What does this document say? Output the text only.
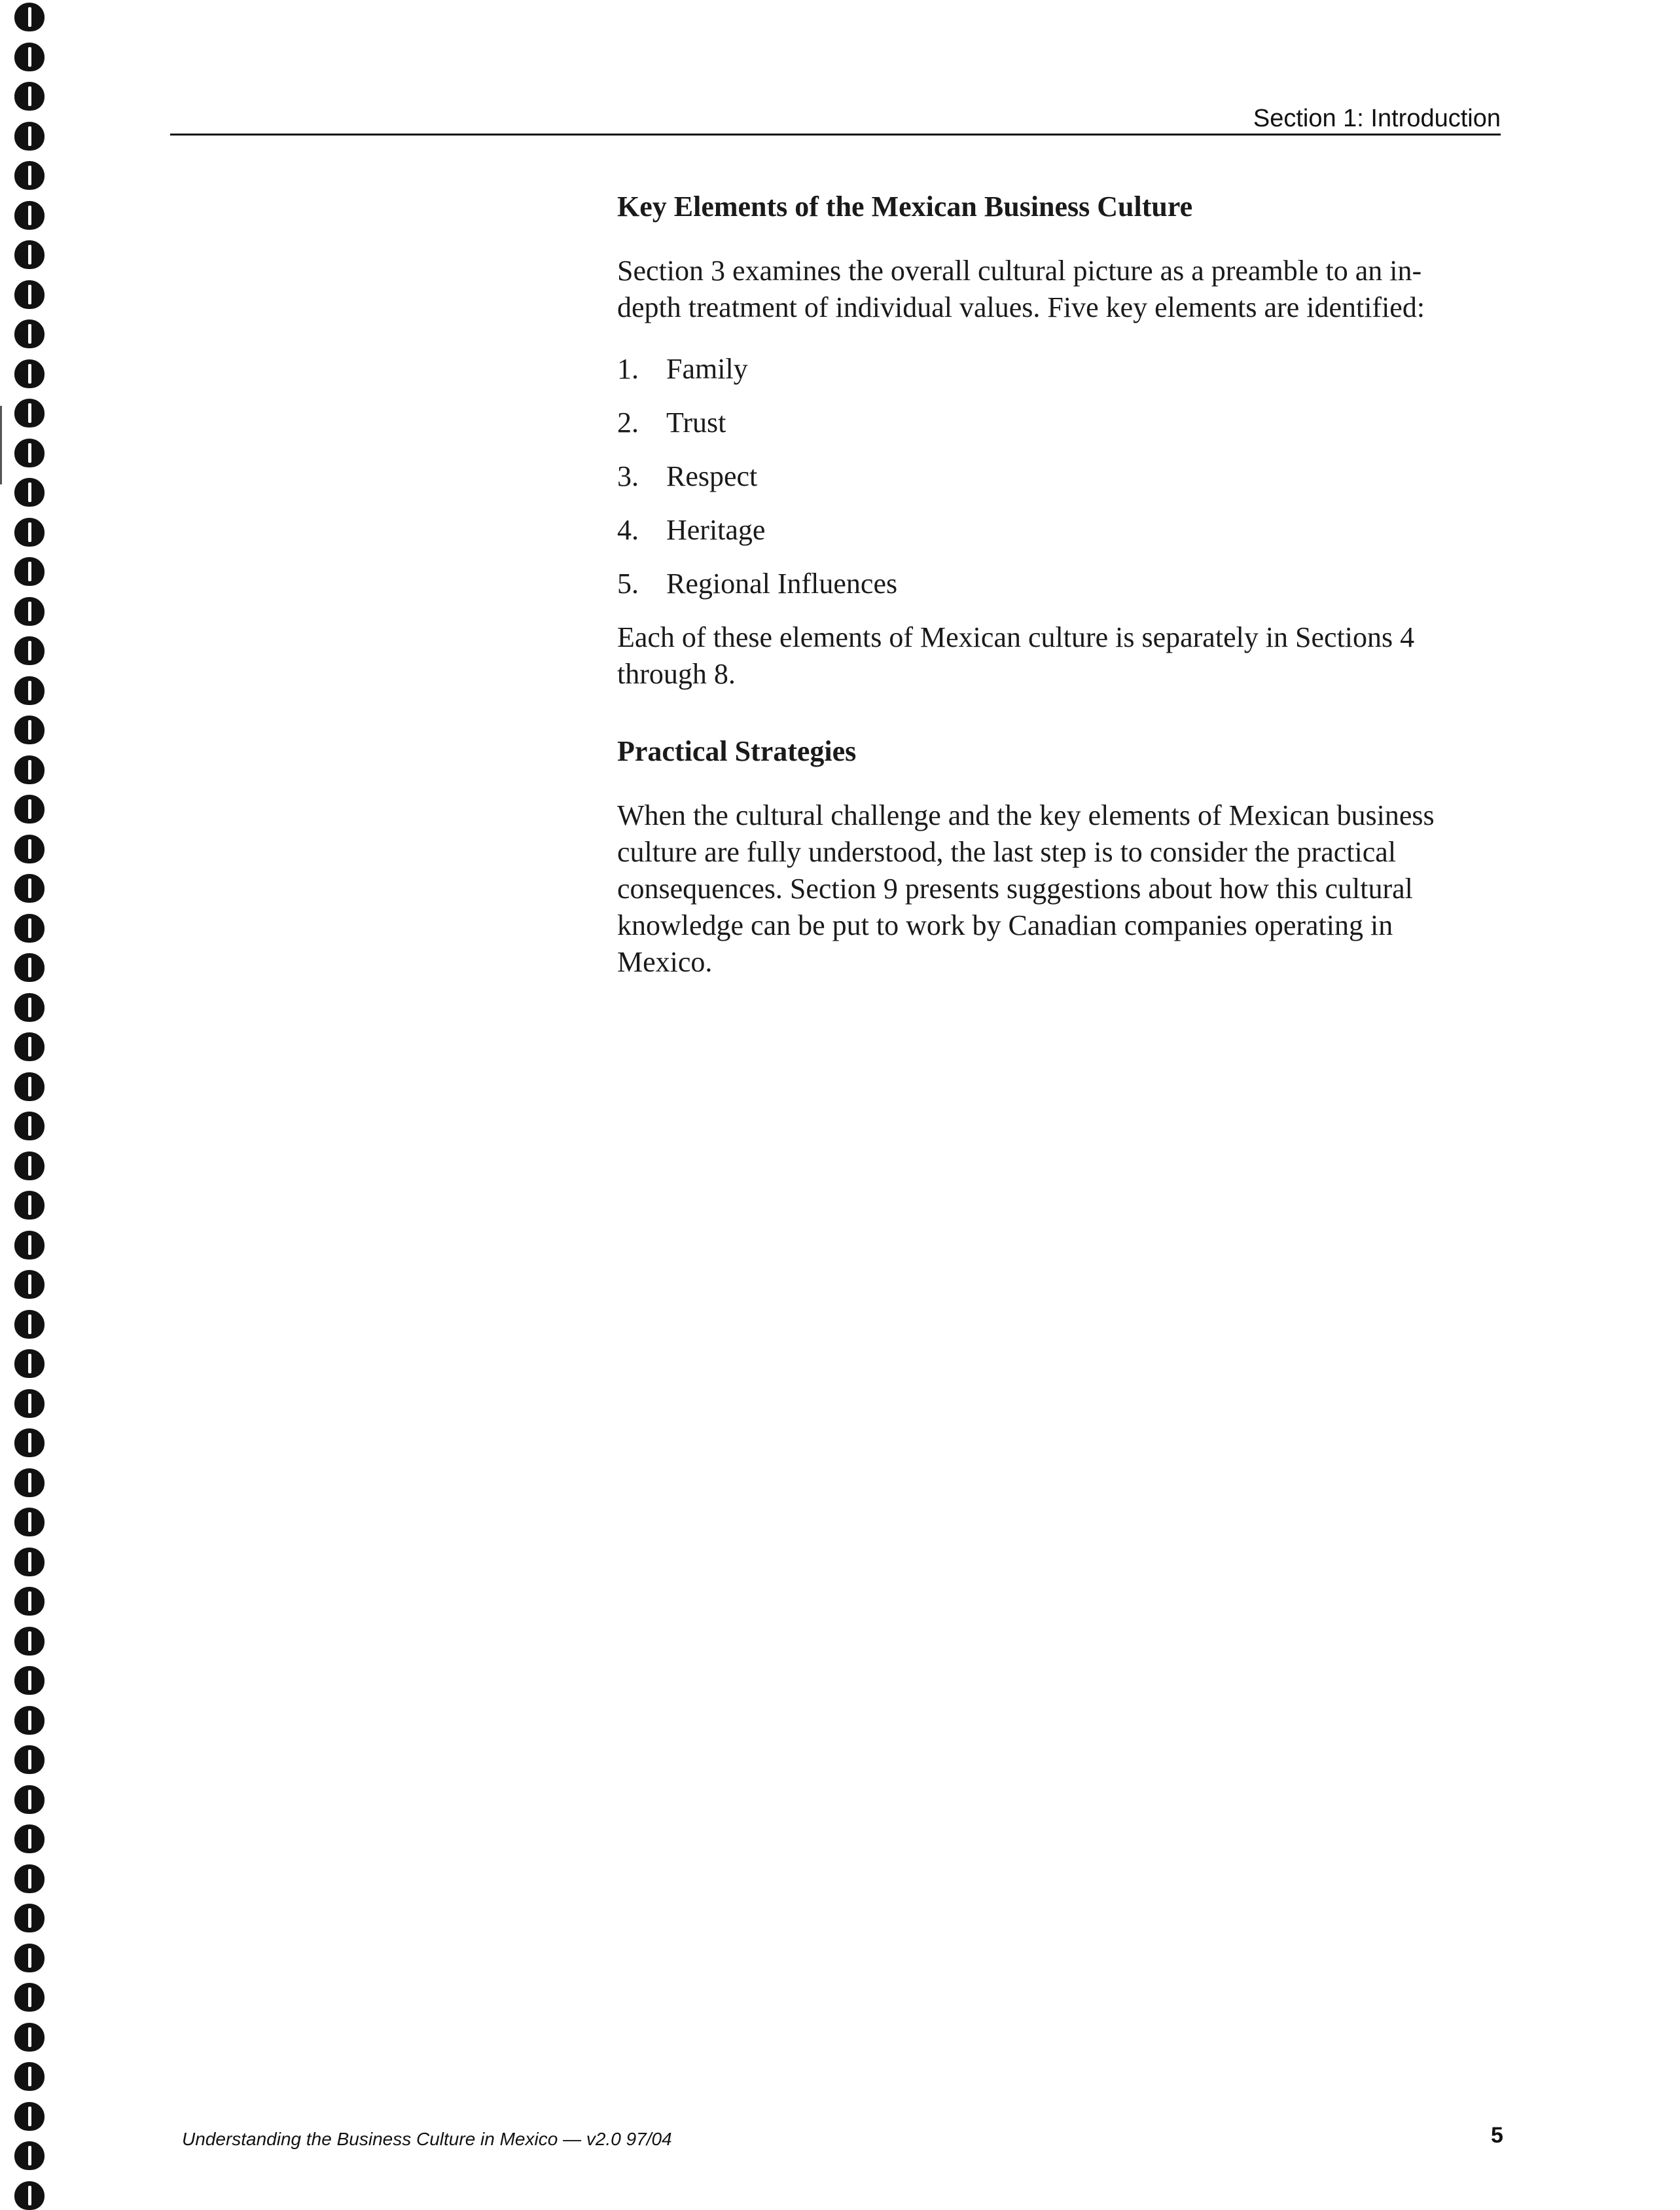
Section 1: Introduction
Key Elements of the Mexican Business Culture

Section 3 examines the overall cultural picture as a preamble to an in-depth treatment of individual values. Five key elements are identified:

1. Family
2. Trust
3. Respect
4. Heritage
5. Regional Influences

Each of these elements of Mexican culture is separately in Sections 4 through 8.

Practical Strategies

When the cultural challenge and the key elements of Mexican business culture are fully understood, the last step is to consider the practical consequences. Section 9 presents suggestions about how this cultural knowledge can be put to work by Canadian companies operating in Mexico.

Understanding the Business Culture in Mexico — v2.0 97/04	5
